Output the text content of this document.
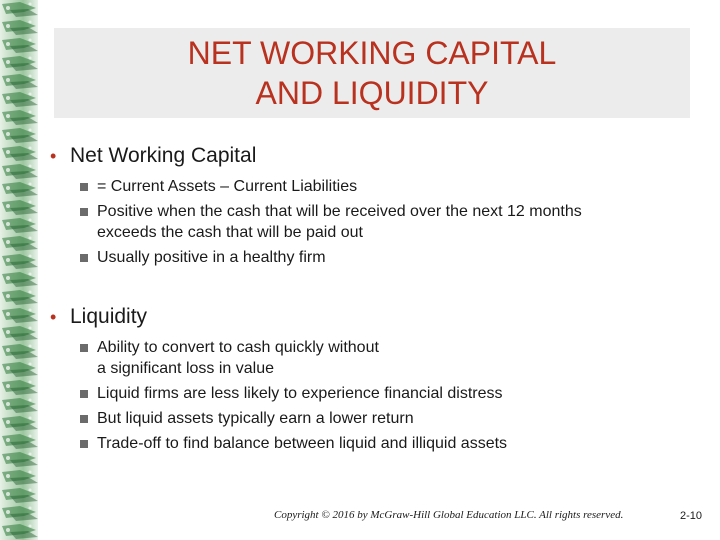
NET WORKING CAPITAL
AND LIQUIDITY
• Net Working Capital
= Current Assets – Current Liabilities
Positive when the cash that will be received over the next 12 months
exceeds the cash that will be paid out
Usually positive in a healthy firm
• Liquidity
Ability to convert to cash quickly without
a significant loss in value
Liquid firms are less likely to experience financial distress
But liquid assets typically earn a lower return
Trade-off to find balance between liquid and illiquid assets
Copyright © 2016 by McGraw-Hill Global Education LLC. All rights reserved.	2-10
